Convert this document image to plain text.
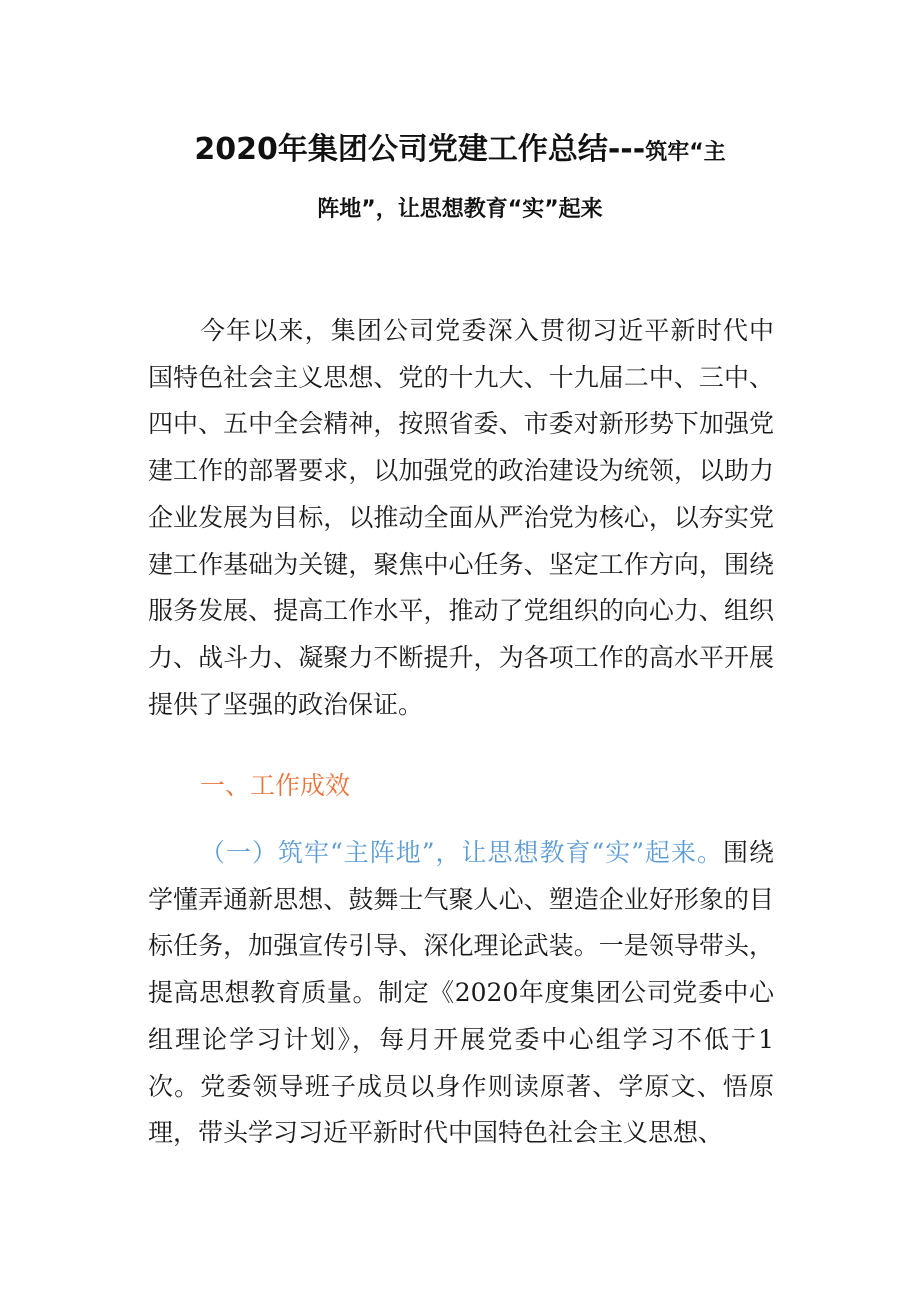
2020年集团公司党建工作总结---筑牢“主
阵地”，让思想教育“实”起来

今年以来，集团公司党委深入贯彻习近平新时代中国特色社会主义思想、党的十九大、十九届二中、三中、四中、五中全会精神，按照省委、市委对新形势下加强党建工作的部署要求，以加强党的政治建设为统领，以助力企业发展为目标，以推动全面从严治党为核心，以夯实党建工作基础为关键，聚焦中心任务、坚定工作方向，围绕服务发展、提高工作水平，推动了党组织的向心力、组织力、战斗力、凝聚力不断提升，为各项工作的高水平开展提供了坚强的政治保证。

一、工作成效

（一）筑牢“主阵地”，让思想教育“实”起来。围绕学懂弄通新思想、鼓舞士气聚人心、塑造企业好形象的目标任务，加强宣传引导、深化理论武装。一是领导带头，提高思想教育质量。制定《2020年度集团公司党委中心组理论学习计划》，每月开展党委中心组学习不低于1次。党委领导班子成员以身作则读原著、学原文、悟原理，带头学习习近平新时代中国特色社会主义思想、
